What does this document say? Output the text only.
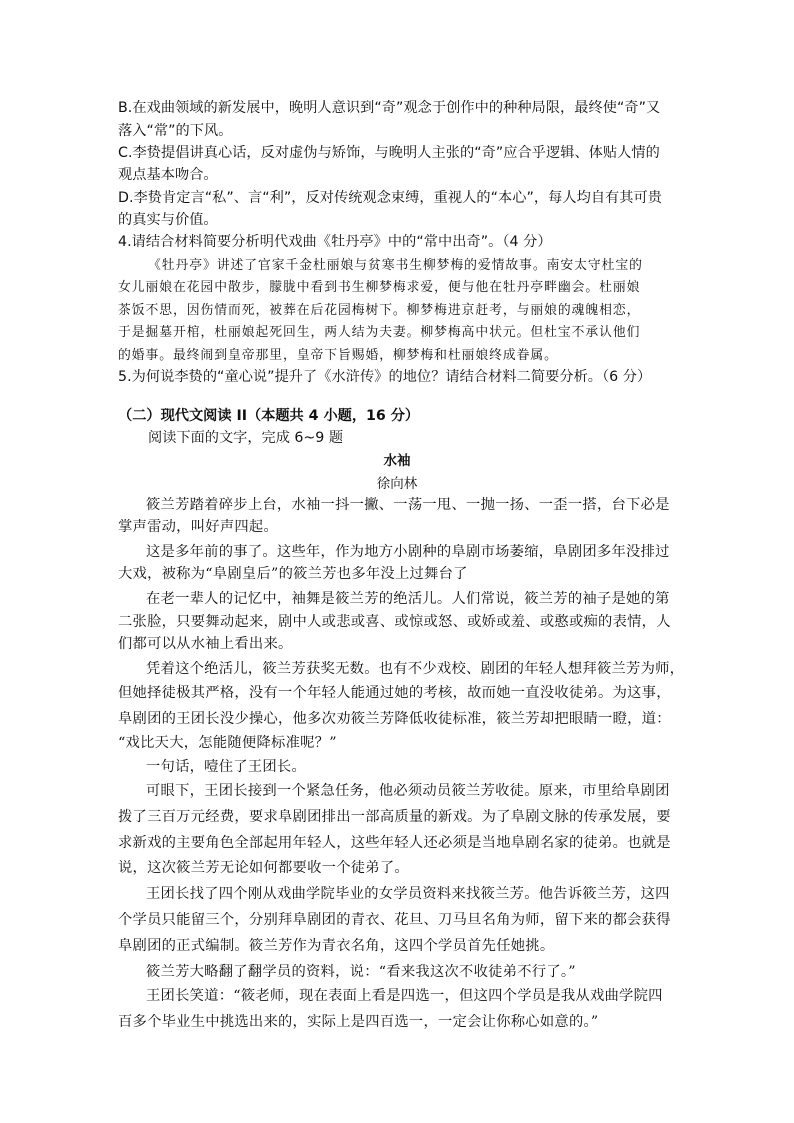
B.在戏曲领域的新发展中，晚明人意识到“奇”观念于创作中的种种局限，最终使“奇”又
落入“常”的下风。
C.李贽提倡讲真心话，反对虚伪与矫饰，与晚明人主张的“奇”应合乎逻辑、体贴人情的
观点基本吻合。
D.李贽肯定言“私”、言“利”，反对传统观念束缚，重视人的“本心”，每人均自有其可贵
的真实与价值。
4.请结合材料简要分析明代戏曲《牡丹亭》中的“常中出奇”。（4 分）
《牡丹亭》讲述了官家千金杜丽娘与贫寒书生柳梦梅的爱情故事。南安太守杜宝的
女儿丽娘在花园中散步，朦胧中看到书生柳梦梅求爱，便与他在牡丹亭畔幽会。杜丽娘
茶饭不思，因伤情而死，被葬在后花园梅树下。柳梦梅进京赶考，与丽娘的魂魄相恋，
于是掘墓开棺，杜丽娘起死回生，两人结为夫妻。柳梦梅高中状元。但杜宝不承认他们
的婚事。最终闹到皇帝那里，皇帝下旨赐婚，柳梦梅和杜丽娘终成眷属。
5.为何说李贽的“童心说”提升了《水浒传》的地位？请结合材料二简要分析。（6 分）
（二）现代文阅读 II（本题共 4 小题，16 分）
阅读下面的文字，完成 6~9 题
水袖
徐向林
筱兰芳踏着碎步上台，水袖一抖一撇、一荡一甩、一抛一扬、一歪一搭，台下必是
掌声雷动，叫好声四起。
这是多年前的事了。这些年，作为地方小剧种的阜剧市场萎缩，阜剧团多年没排过
大戏，被称为“阜剧皇后”的筱兰芳也多年没上过舞台了
在老一辈人的记忆中，袖舞是筱兰芳的绝活儿。人们常说，筱兰芳的袖子是她的第
二张脸，只要舞动起来，剧中人或悲或喜、或惊或怒、或娇或羞、或憨或痴的表情，人
们都可以从水袖上看出来。
凭着这个绝活儿，筱兰芳获奖无数。也有不少戏校、剧团的年轻人想拜筱兰芳为师，
但她择徒极其严格，没有一个年轻人能通过她的考核，故而她一直没收徒弟。为这事，
阜剧团的王团长没少操心，他多次劝筱兰芳降低收徒标准，筱兰芳却把眼睛一瞪，道：
“戏比天大，怎能随便降标准呢？”
一句话，噎住了王团长。
可眼下，王团长接到一个紧急任务，他必须动员筱兰芳收徒。原来，市里给阜剧团
拨了三百万元经费，要求阜剧团排出一部高质量的新戏。为了阜剧文脉的传承发展，要
求新戏的主要角色全部起用年轻人，这些年轻人还必须是当地阜剧名家的徒弟。也就是
说，这次筱兰芳无论如何都要收一个徒弟了。
王团长找了四个刚从戏曲学院毕业的女学员资料来找筱兰芳。他告诉筱兰芳，这四
个学员只能留三个，分别拜阜剧团的青衣、花旦、刀马旦名角为师，留下来的都会获得
阜剧团的正式编制。筱兰芳作为青衣名角，这四个学员首先任她挑。
筱兰芳大略翻了翻学员的资料，说：“看来我这次不收徒弟不行了。”
王团长笑道：“筱老师，现在表面上看是四选一，但这四个学员是我从戏曲学院四
百多个毕业生中挑选出来的，实际上是四百选一，一定会让你称心如意的。”
